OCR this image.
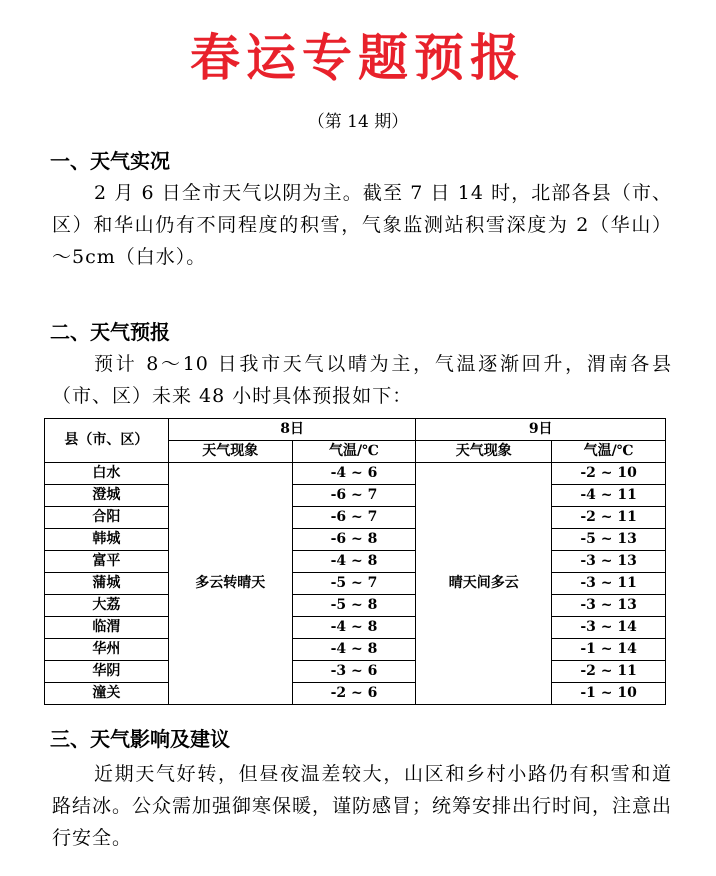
春运专题预报
（第 14 期）
一、天气实况
2 月 6 日全市天气以阴为主。截至 7 日 14 时，北部各县（市、区）和华山仍有不同程度的积雪，气象监测站积雪深度为 2（华山）～5cm（白水）。
二、天气预报
预计 8～10 日我市天气以晴为主，气温逐渐回升，渭南各县（市、区）未来 48 小时具体预报如下：
县（市、区）	8日		9日	
	天气现象	气温/℃	天气现象	气温/℃
白水	多云转晴天	-4 ~ 6	晴天间多云	-2 ~ 10
澄城		-6 ~ 7		-4 ~ 11
合阳		-6 ~ 7		-2 ~ 11
韩城		-6 ~ 8		-5 ~ 13
富平		-4 ~ 8		-3 ~ 13
蒲城		-5 ~ 7		-3 ~ 11
大荔		-5 ~ 8		-3 ~ 13
临渭		-4 ~ 8		-3 ~ 14
华州		-4 ~ 8		-1 ~ 14
华阴		-3 ~ 6		-2 ~ 11
潼关		-2 ~ 6		-1 ~ 10
三、天气影响及建议
近期天气好转，但昼夜温差较大，山区和乡村小路仍有积雪和道路结冰。公众需加强御寒保暖，谨防感冒；统筹安排出行时间，注意出行安全。
